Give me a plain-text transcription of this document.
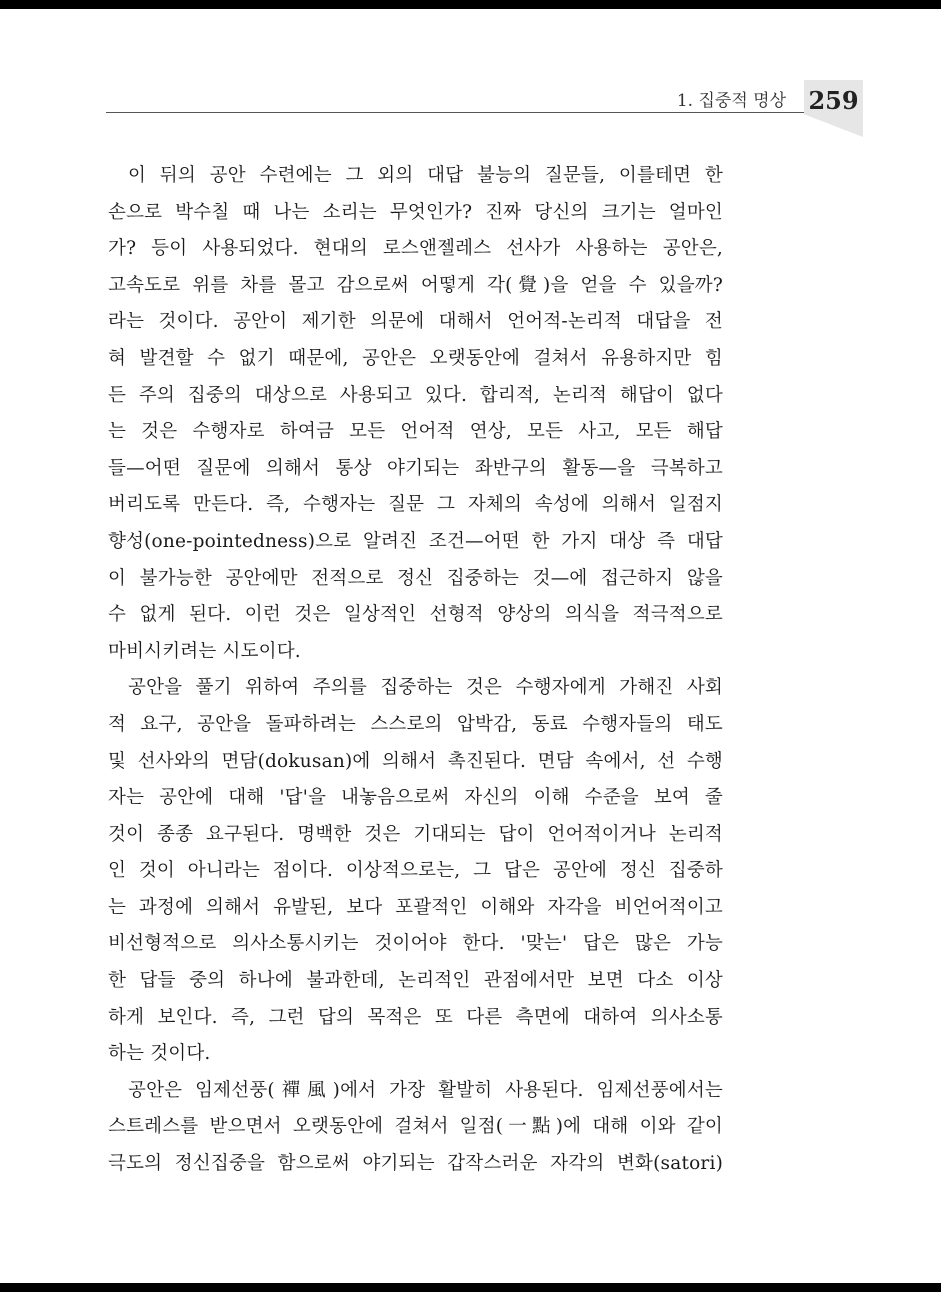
1. 집중적 명상 259
이 뒤의 공안 수련에는 그 외의 대답 불능의 질문들, 이를테면 한
손으로 박수칠 때 나는 소리는 무엇인가? 진짜 당신의 크기는 얼마인
가? 등이 사용되었다. 현대의 로스앤젤레스 선사가 사용하는 공안은,
고속도로 위를 차를 몰고 감으로써 어떻게 각(覺)을 얻을 수 있을까?
라는 것이다. 공안이 제기한 의문에 대해서 언어적-논리적 대답을 전
혀 발견할 수 없기 때문에, 공안은 오랫동안에 걸쳐서 유용하지만 힘
든 주의 집중의 대상으로 사용되고 있다. 합리적, 논리적 해답이 없다
는 것은 수행자로 하여금 모든 언어적 연상, 모든 사고, 모든 해답
들—어떤 질문에 의해서 통상 야기되는 좌반구의 활동—을 극복하고
버리도록 만든다. 즉, 수행자는 질문 그 자체의 속성에 의해서 일점지
향성(one-pointedness)으로 알려진 조건—어떤 한 가지 대상 즉 대답
이 불가능한 공안에만 전적으로 정신 집중하는 것—에 접근하지 않을
수 없게 된다. 이런 것은 일상적인 선형적 양상의 의식을 적극적으로
마비시키려는 시도이다.
공안을 풀기 위하여 주의를 집중하는 것은 수행자에게 가해진 사회
적 요구, 공안을 돌파하려는 스스로의 압박감, 동료 수행자들의 태도
및 선사와의 면담(dokusan)에 의해서 촉진된다. 면담 속에서, 선 수행
자는 공안에 대해 '답'을 내놓음으로써 자신의 이해 수준을 보여 줄
것이 종종 요구된다. 명백한 것은 기대되는 답이 언어적이거나 논리적
인 것이 아니라는 점이다. 이상적으로는, 그 답은 공안에 정신 집중하
는 과정에 의해서 유발된, 보다 포괄적인 이해와 자각을 비언어적이고
비선형적으로 의사소통시키는 것이어야 한다. '맞는' 답은 많은 가능
한 답들 중의 하나에 불과한데, 논리적인 관점에서만 보면 다소 이상
하게 보인다. 즉, 그런 답의 목적은 또 다른 측면에 대하여 의사소통
하는 것이다.
공안은 임제선풍(禪風)에서 가장 활발히 사용된다. 임제선풍에서는
스트레스를 받으면서 오랫동안에 걸쳐서 일점(一點)에 대해 이와 같이
극도의 정신집중을 함으로써 야기되는 갑작스러운 자각의 변화(satori)
